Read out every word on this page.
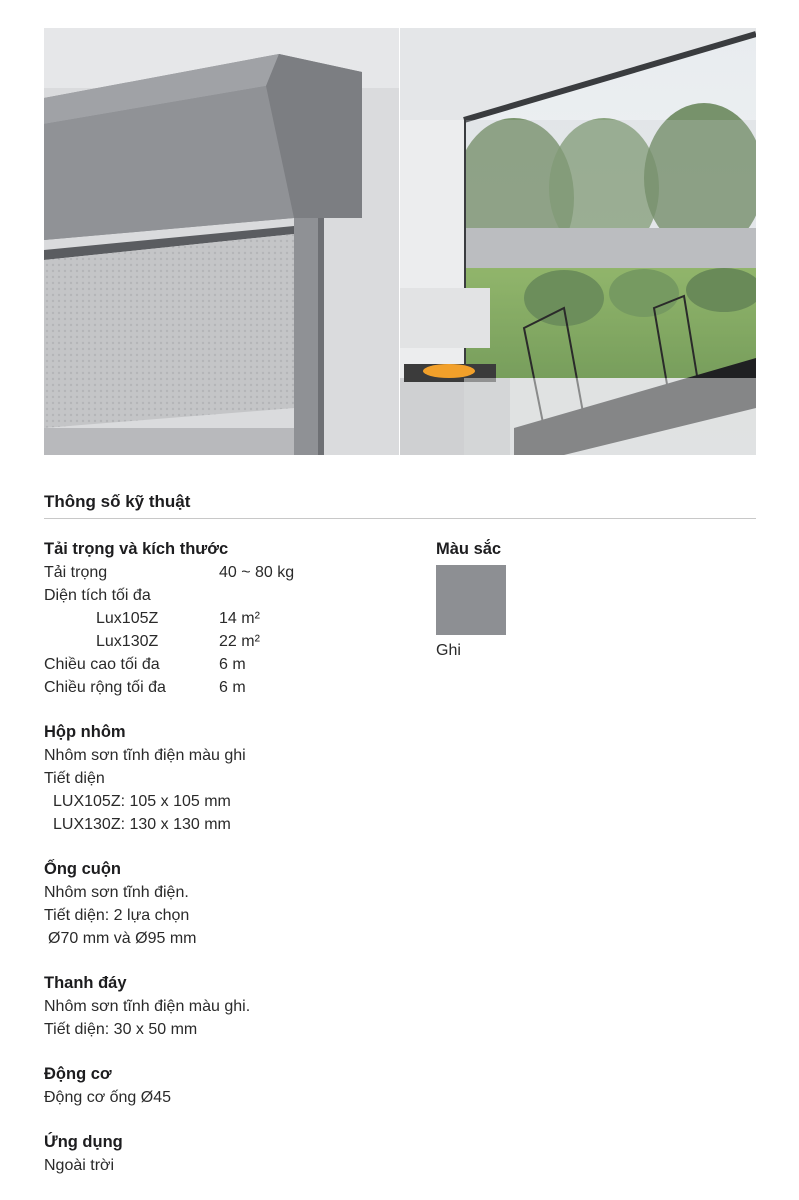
Thông số kỹ thuật
Tải trọng và kích thước
Tải trọng	40 ~ 80 kg
Diện tích tối đa
Lux105Z	14 m²
Lux130Z	22 m²
Chiều cao tối đa	6 m
Chiều rộng tối đa	6 m
Hộp nhôm
Nhôm sơn tĩnh điện màu ghi
Tiết diện
LUX105Z: 105 x 105 mm
LUX130Z: 130 x 130 mm
Ống cuộn
Nhôm sơn tĩnh điện.
Tiết diện: 2 lựa chọn
Ø70 mm và Ø95 mm
Thanh đáy
Nhôm sơn tĩnh điện màu ghi.
Tiết diện: 30 x 50 mm
Động cơ
Động cơ ống Ø45
Ứng dụng
Ngoài trời
Màu sắc
Ghi
